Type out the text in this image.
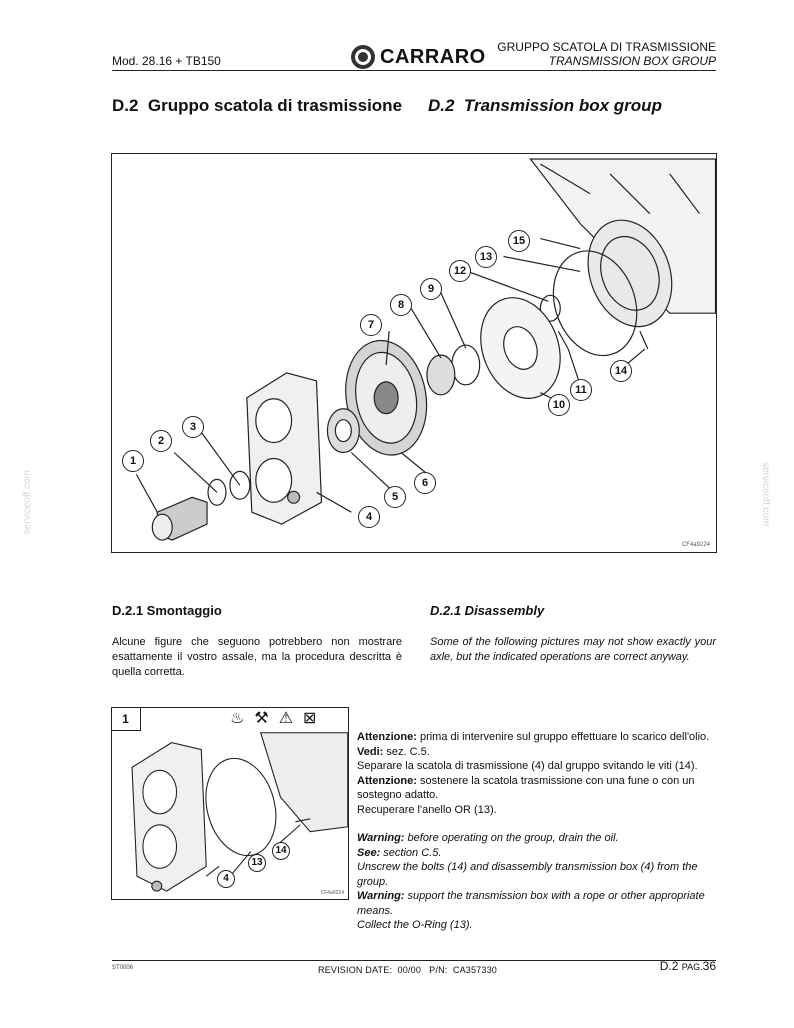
Mod. 28.16 + TB150	CARRARO GRUPPO SCATOLA DI TRASMISSIONE
TRANSMISSION BOX GROUP
D.2  Gruppo scatola di trasmissione D.2  Transmission box group
1
2
3
4
5
6
7
8
9
10
11
12
13
14
15
CF4a9224
serviceoff.com	serviceoff.com
D.2.1 Smontaggio	D.2.1 Disassembly
Alcune figure che seguono potrebbero non mostrare esattamente il vostro assale, ma la procedura descritta è quella corretta.
Some of the following pictures may not show exactly your axle, but the indicated operations are correct anyway.
4
13
14
CF4a9224
1	♨ ⚒ ⚠ ⊠

Attenzione: prima di intervenire sul gruppo effettuare lo scarico dell'olio.

Vedi: sez. C.5.

Separare la scatola di trasmissione (4) dal gruppo svitando le viti (14).

Attenzione: sostenere la scatola trasmissione con una fune o con un sostegno adatto.

Recuperare l'anello OR (13).

Warning: before operating on the group, drain the oil.

See: section C.5.

Unscrew the bolts (14) and disassembly transmission box (4) from the group.

Warning: support the transmission box with a rope or other appropriate means.

Collect the O-Ring (13).

ST0006	REVISION DATE:  00/00   P/N:  CA357330	D.2 PAG.36
